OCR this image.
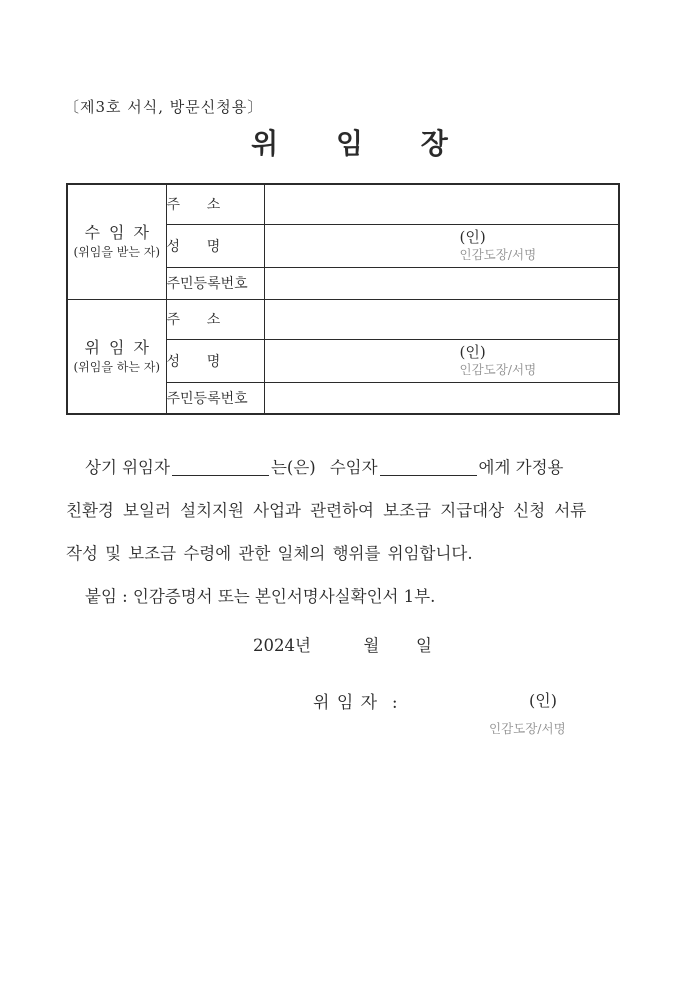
〔제3호 서식, 방문신청용〕
위 임 장
수 임 자
(위임을 받는 자)	주      소	
	성      명	(인)
인감도장/서명

	주민등록번호	

위 임 자
(위임을 하는 자)	주      소	
	성      명	(인)
인감도장/서명

	주민등록번호	
상기 위임자	는(은) 수임자	에게 가정용
친환경 보일러 설치지원 사업과 관련하여 보조금 지급대상 신청 서류
작성 및 보조금 수령에 관한 일체의 행위를 위임합니다.
붙임 : 인감증명서 또는 본인서명사실확인서 1부.
2024년          월       일
위 임 자  :	(인)
인감도장/서명
